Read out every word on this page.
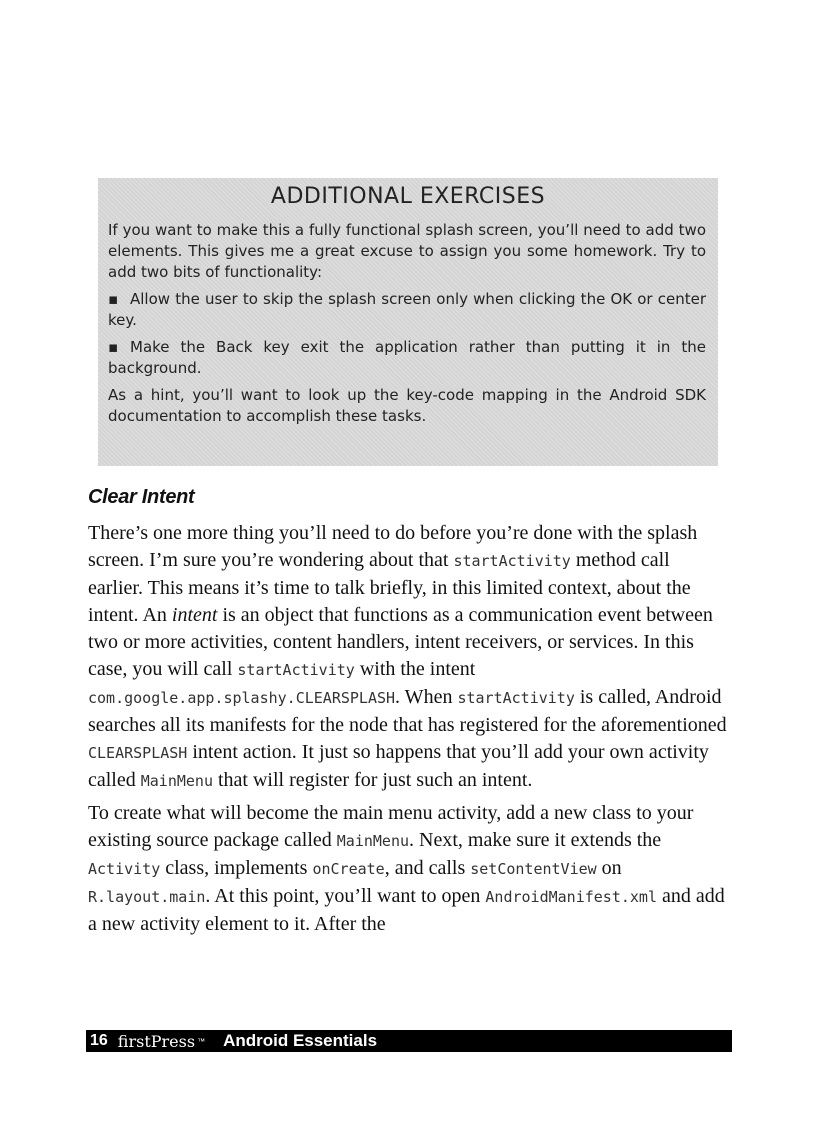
ADDITIONAL EXERCISES

If you want to make this a fully functional splash screen, you’ll need to add two elements. This gives me a great excuse to assign you some homework. Try to add two bits of functionality:

▪ Allow the user to skip the splash screen only when clicking the OK or center key.

▪ Make the Back key exit the application rather than putting it in the background.

As a hint, you’ll want to look up the key-code mapping in the Android SDK documentation to accomplish these tasks.

Clear Intent

There’s one more thing you’ll need to do before you’re done with the splash screen. I’m sure you’re wondering about that startActivity method call earlier. This means it’s time to talk briefly, in this limited context, about the intent. An intent is an object that functions as a communication event between two or more activities, content handlers, intent receivers, or services. In this case, you will call startActivity with the intent com.google.app.splashy.CLEARSPLASH. When startActivity is called, Android searches all its manifests for the node that has registered for the aforementioned CLEARSPLASH intent action. It just so happens that you’ll add your own activity called MainMenu that will register for just such an intent.

To create what will become the main menu activity, add a new class to your existing source package called MainMenu. Next, make sure it extends the Activity class, implements onCreate, and calls setContentView on R.layout.main. At this point, you’ll want to open AndroidManifest.xml and add a new activity element to it. After the

16 firstPress ™ Android Essentials
